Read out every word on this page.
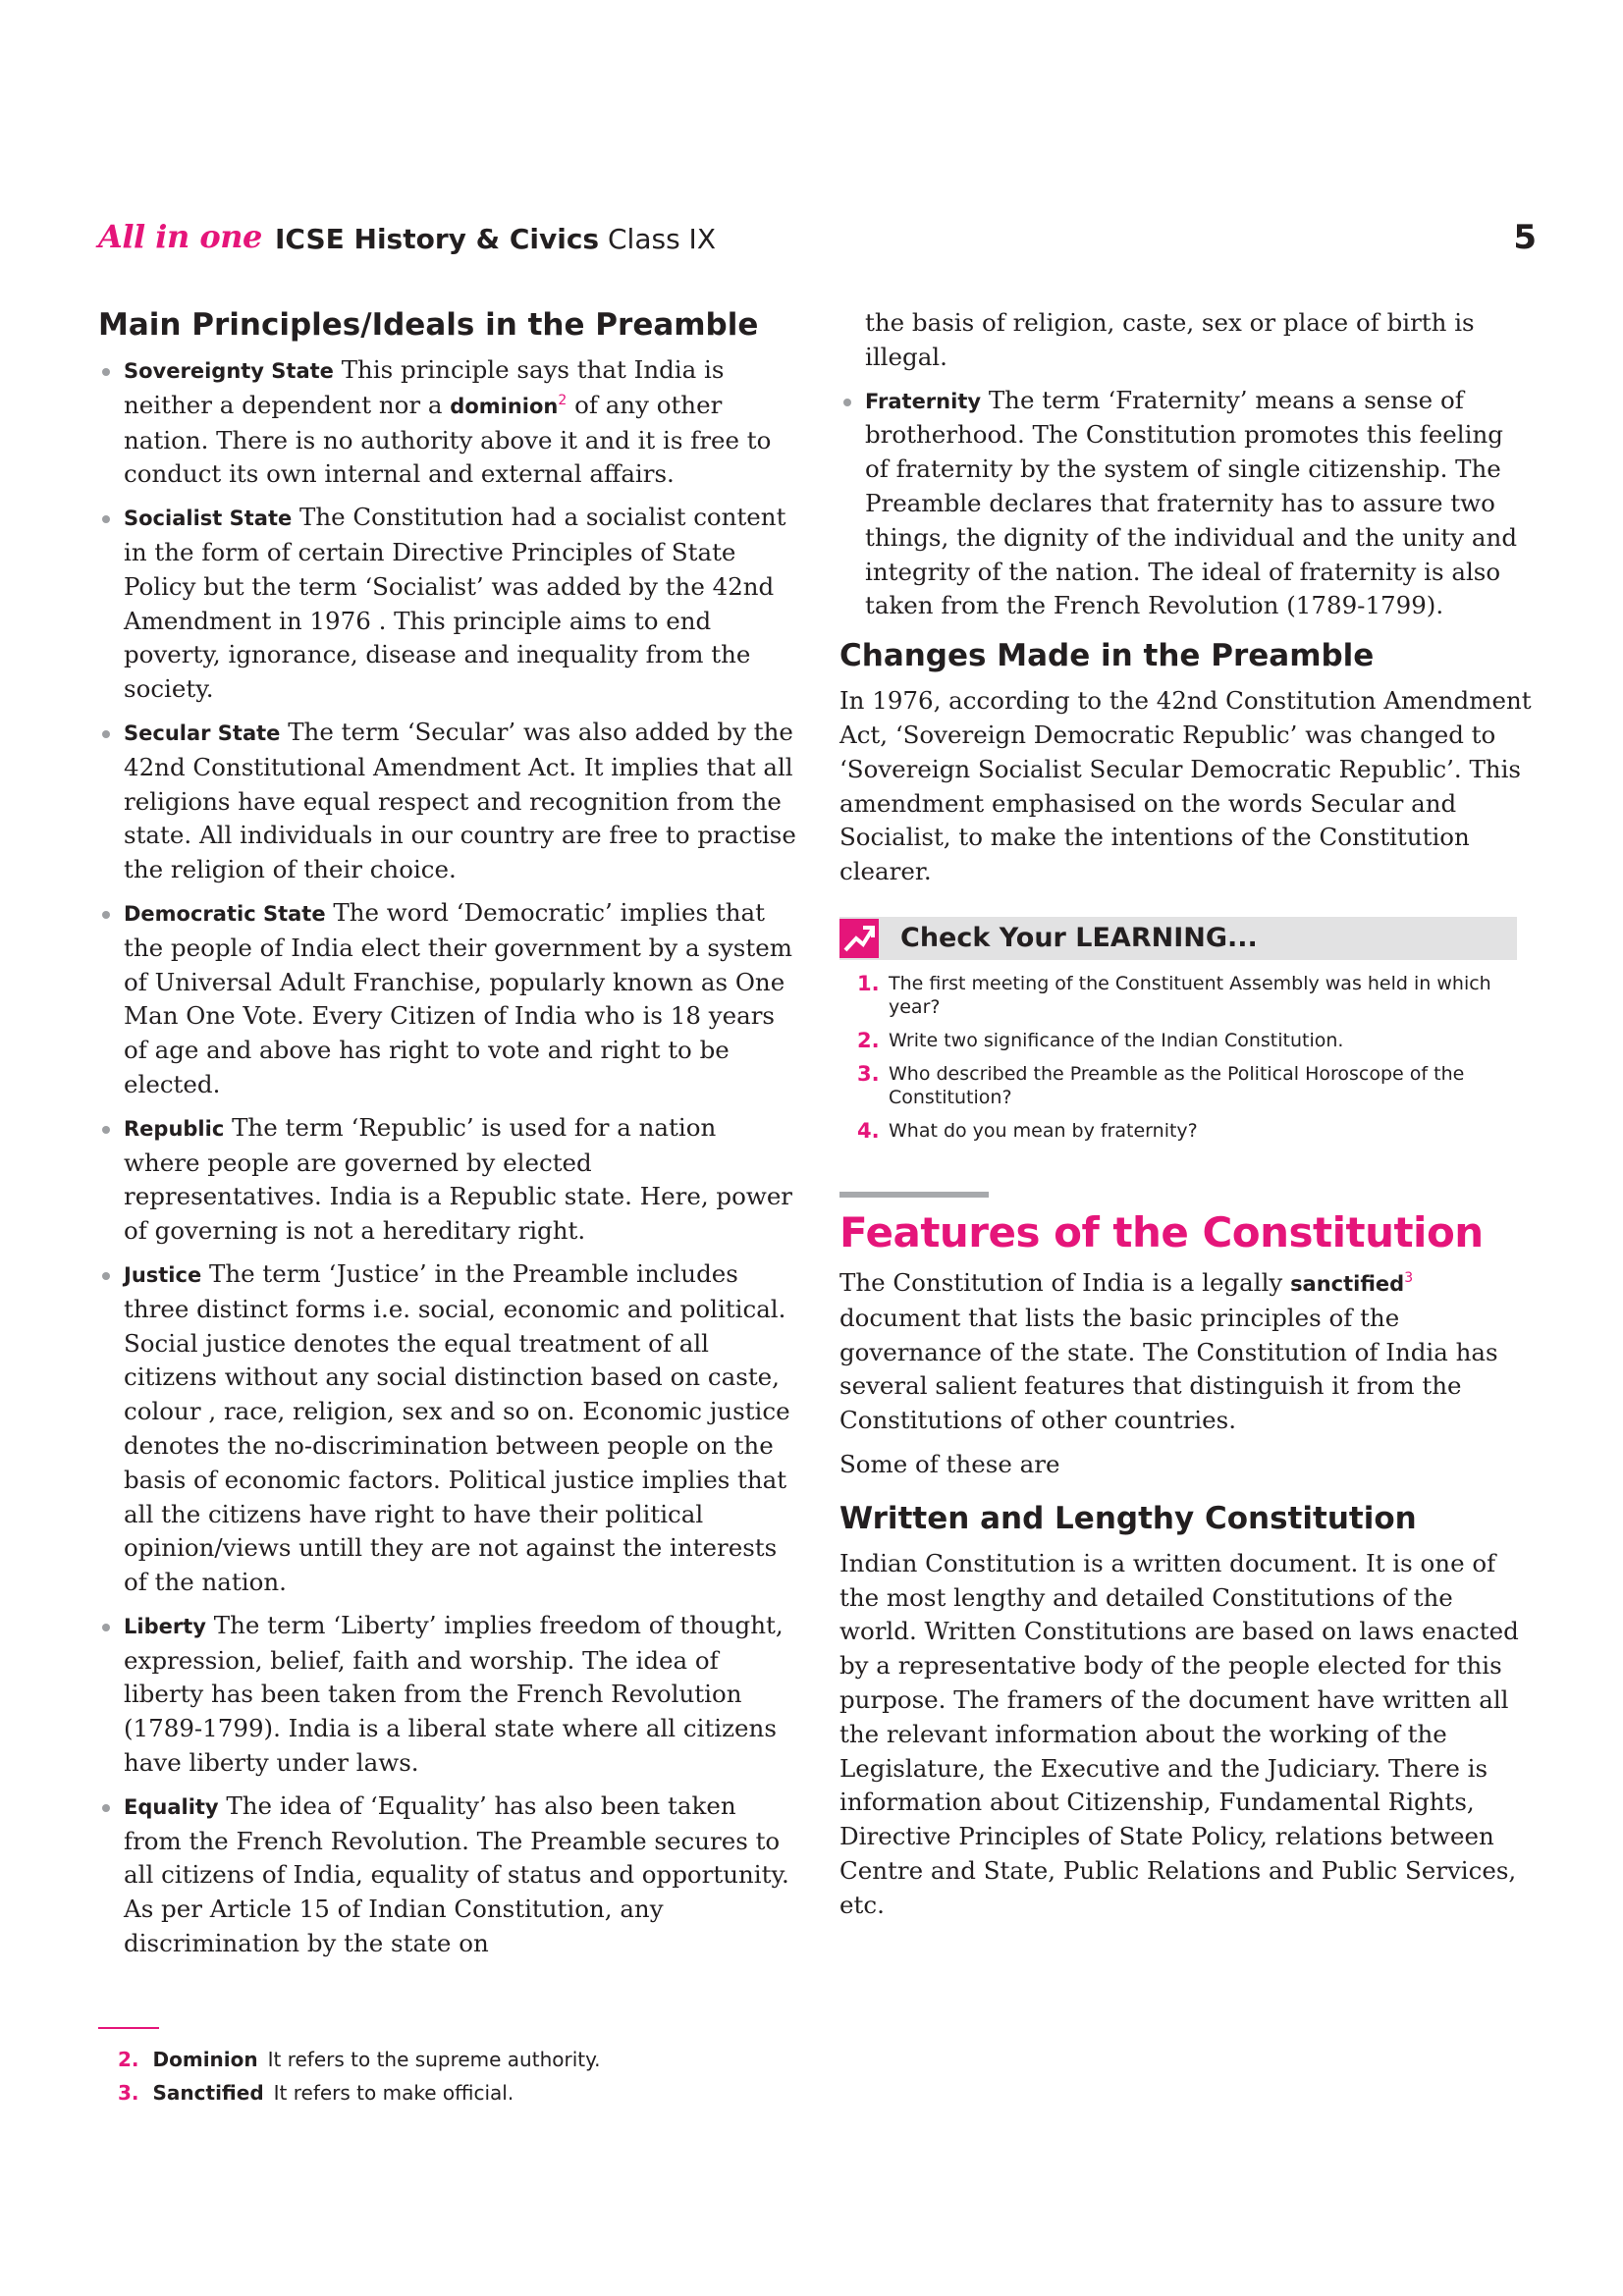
All in one ICSE History & Civics Class IX	5
Main Principles/Ideals in the Preamble
Sovereignty State This principle says that India is neither a dependent nor a dominion$^2$ of any other nation. There is no authority above it and it is free to conduct its own internal and external affairs.
Socialist State The Constitution had a socialist content in the form of certain Directive Principles of State Policy but the term ‘Socialist’ was added by the 42nd Amendment in 1976 . This principle aims to end poverty, ignorance, disease and inequality from the society.
Secular State The term ‘Secular’ was also added by the 42nd Constitutional Amendment Act. It implies that all religions have equal respect and recognition from the state. All individuals in our country are free to practise the religion of their choice.
Democratic State The word ‘Democratic’ implies that the people of India elect their government by a system of Universal Adult Franchise, popularly known as One Man One Vote. Every Citizen of India who is 18 years of age and above has right to vote and right to be elected.
Republic The term ‘Republic’ is used for a nation where people are governed by elected representatives. India is a Republic state. Here, power of governing is not a hereditary right.
Justice The term ‘Justice’ in the Preamble includes three distinct forms i.e. social, economic and political. Social justice denotes the equal treatment of all citizens without any social distinction based on caste, colour , race, religion, sex and so on. Economic justice denotes the no-discrimination between people on the basis of economic factors. Political justice implies that all the citizens have right to have their political opinion/views untill they are not against the interests of the nation.
Liberty The term ‘Liberty’ implies freedom of thought, expression, belief, faith and worship. The idea of liberty has been taken from the French Revolution (1789-1799). India is a liberal state where all citizens have liberty under laws.
Equality The idea of ‘Equality’ has also been taken from the French Revolution. The Preamble secures to all citizens of India, equality of status and opportunity. As per Article 15 of Indian Constitution, any discrimination by the state on

the basis of religion, caste, sex or place of birth is illegal.

Fraternity The term ‘Fraternity’ means a sense of brotherhood. The Constitution promotes this feeling of fraternity by the system of single citizenship. The Preamble declares that fraternity has to assure two things, the dignity of the individual and the unity and integrity of the nation. The ideal of fraternity is also taken from the French Revolution (1789-1799).
Changes Made in the Preamble

In 1976, according to the 42nd Constitution Amendment Act, ‘Sovereign Democratic Republic’ was changed to ‘Sovereign Socialist Secular Democratic Republic’. This amendment emphasised on the words Secular and Socialist, to make the intentions of the Constitution clearer.

Check Your LEARNING...
1. The first meeting of the Constituent Assembly was held in which year?
2. Write two significance of the Indian Constitution.
3. Who described the Preamble as the Political Horoscope of the Constitution?
4. What do you mean by fraternity?
Features of the Constitution

The Constitution of India is a legally sanctified$^3$ document that lists the basic principles of the governance of the state. The Constitution of India has several salient features that distinguish it from the Constitutions of other countries.

Some of these are

Written and Lengthy Constitution

Indian Constitution is a written document. It is one of the most lengthy and detailed Constitutions of the world. Written Constitutions are based on laws enacted by a representative body of the people elected for this purpose. The framers of the document have written all the relevant information about the working of the Legislature, the Executive and the Judiciary. There is information about Citizenship, Fundamental Rights, Directive Principles of State Policy, relations between Centre and State, Public Relations and Public Services, etc.

2. Dominion It refers to the supreme authority.
3. Sanctified It refers to make official.
